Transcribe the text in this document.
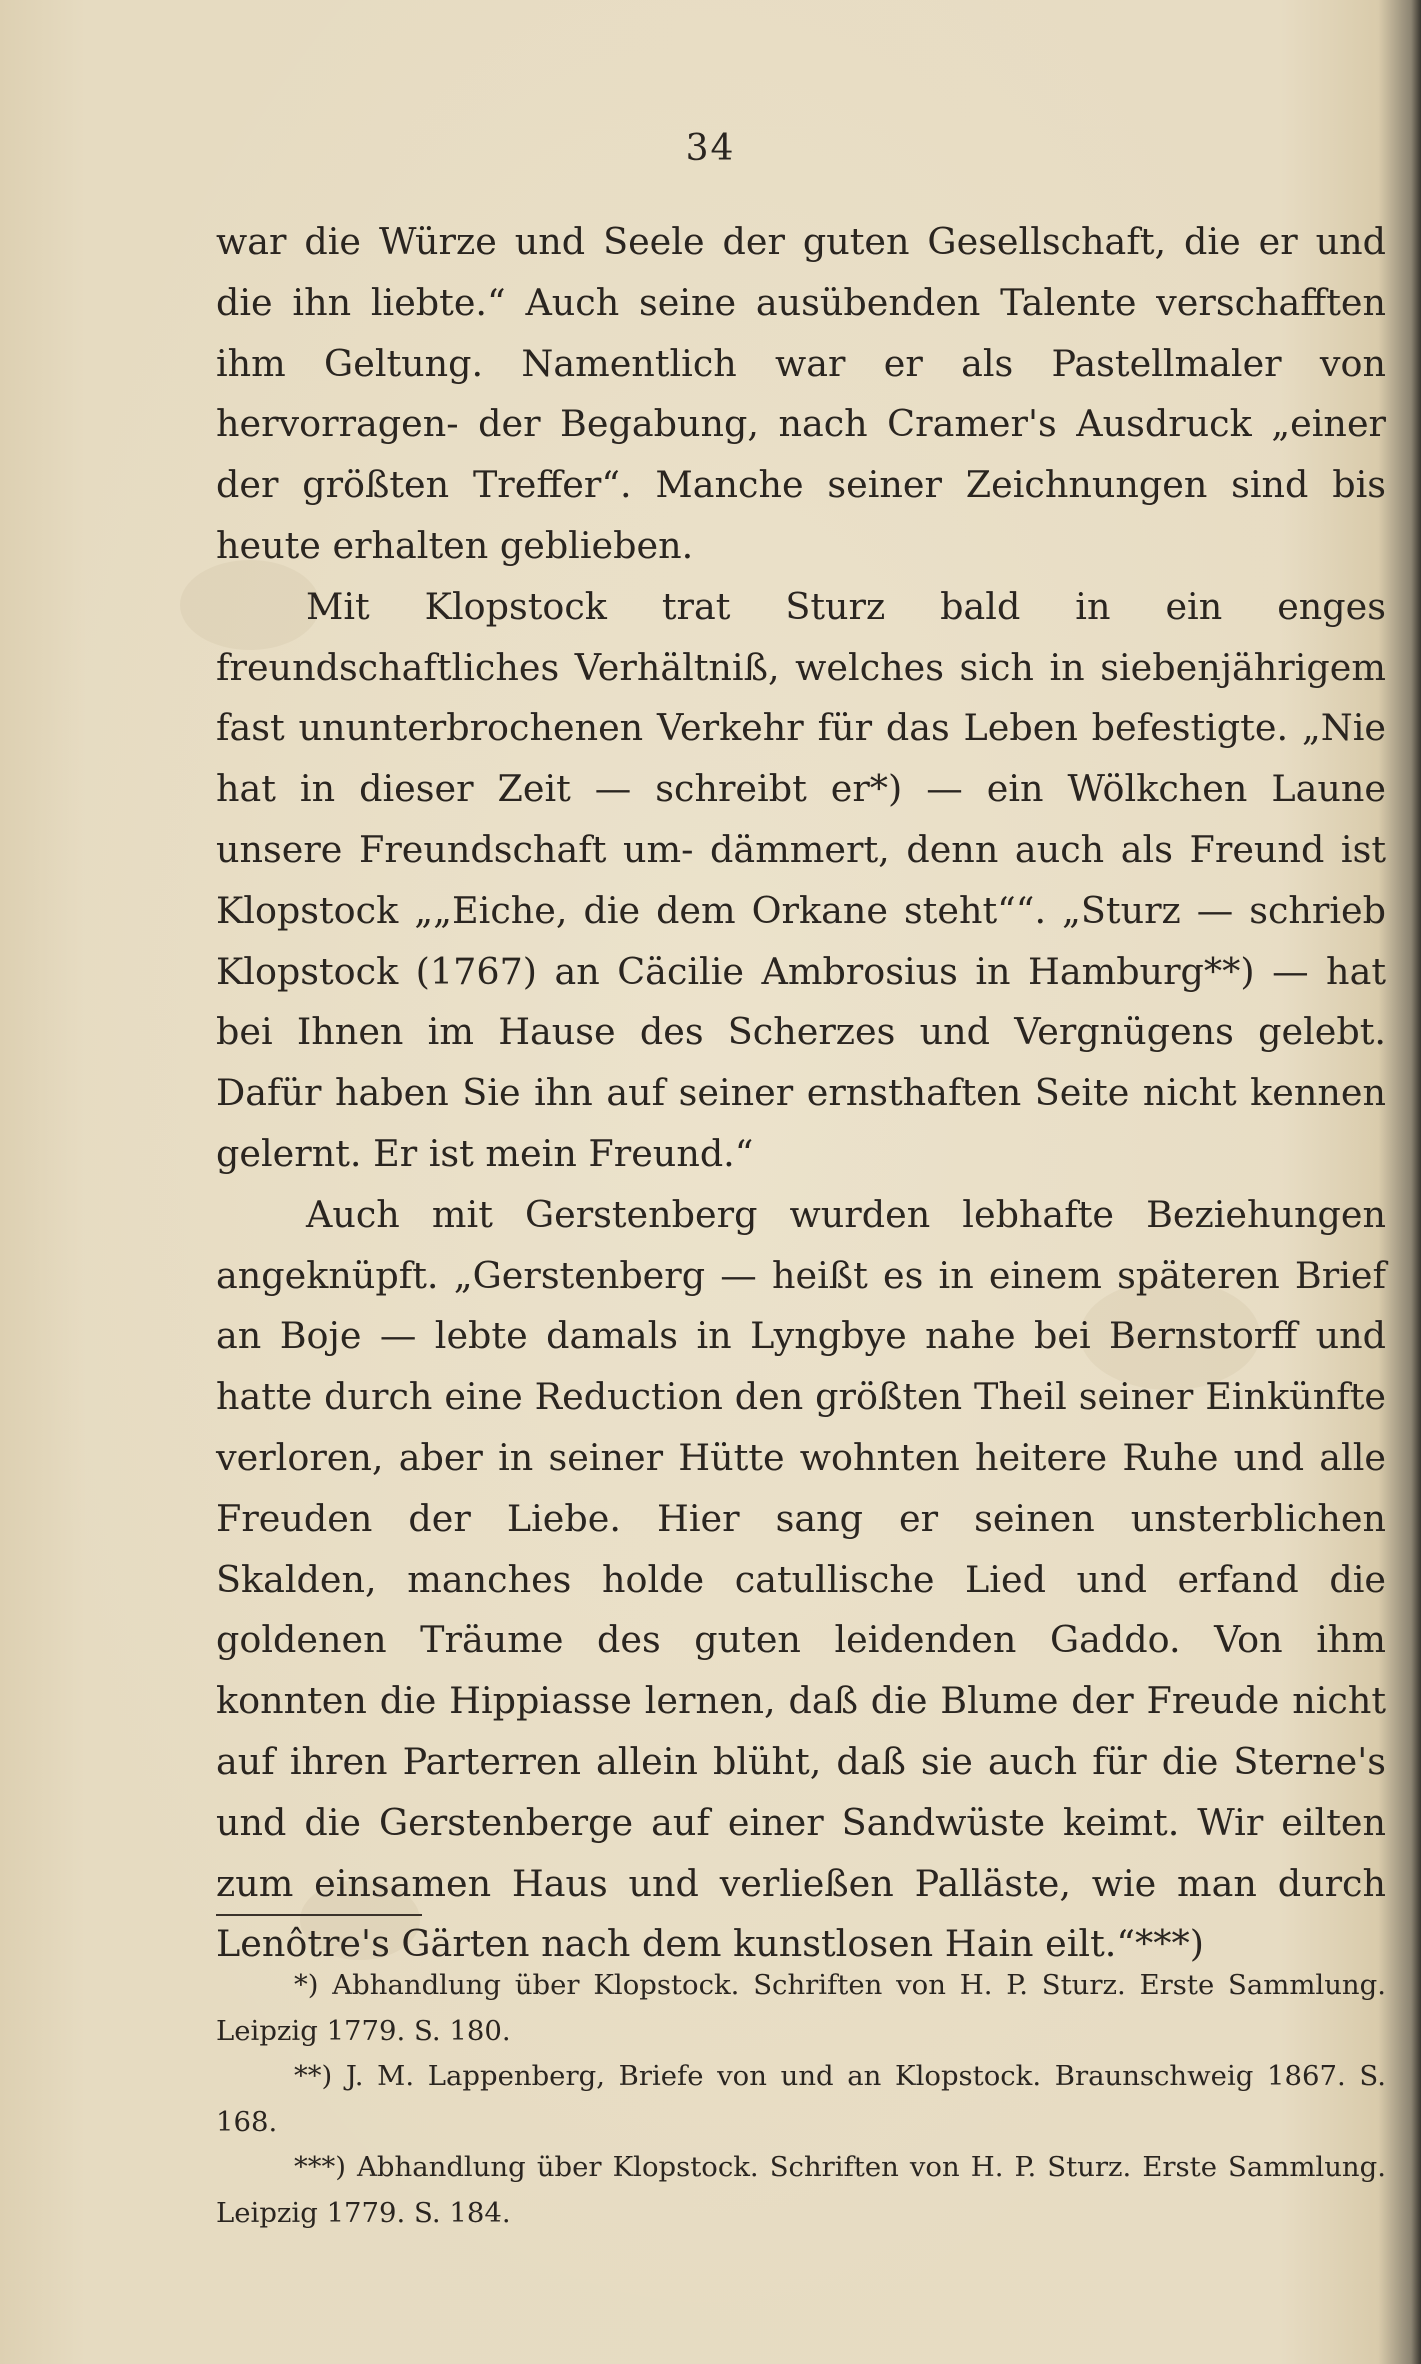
34

war die Würze und Seele der guten Gesellschaft, die er und die ihn liebte.“ Auch seine ausübenden Talente verschafften ihm Geltung. Namentlich war er als Pastellmaler von hervorragen- der Begabung, nach Cramer's Ausdruck „einer der größten Treffer“. Manche seiner Zeichnungen sind bis heute erhalten geblieben.

Mit Klopstock trat Sturz bald in ein enges freundschaftliches Verhältniß, welches sich in siebenjährigem fast ununterbrochenen Verkehr für das Leben befestigte. „Nie hat in dieser Zeit — schreibt er*) — ein Wölkchen Laune unsere Freundschaft um- dämmert, denn auch als Freund ist Klopstock „„Eiche, die dem Orkane steht““. „Sturz — schrieb Klopstock (1767) an Cäcilie Ambrosius in Hamburg**) — hat bei Ihnen im Hause des Scherzes und Vergnügens gelebt. Dafür haben Sie ihn auf seiner ernsthaften Seite nicht kennen gelernt. Er ist mein Freund.“

Auch mit Gerstenberg wurden lebhafte Beziehungen angeknüpft. „Gerstenberg — heißt es in einem späteren Brief an Boje — lebte damals in Lyngbye nahe bei Bernstorff und hatte durch eine Reduction den größten Theil seiner Einkünfte verloren, aber in seiner Hütte wohnten heitere Ruhe und alle Freuden der Liebe. Hier sang er seinen unsterblichen Skalden, manches holde catullische Lied und erfand die goldenen Träume des guten leidenden Gaddo. Von ihm konnten die Hippiasse lernen, daß die Blume der Freude nicht auf ihren Parterren allein blüht, daß sie auch für die Sterne's und die Gerstenberge auf einer Sandwüste keimt. Wir eilten zum einsamen Haus und verließen Palläste, wie man durch Lenôtre's Gärten nach dem kunstlosen Hain eilt.“***)

*) Abhandlung über Klopstock. Schriften von H. P. Sturz. Erste Sammlung. Leipzig 1779. S. 180.

**) J. M. Lappenberg, Briefe von und an Klopstock. Braunschweig 1867. S. 168.

***) Abhandlung über Klopstock. Schriften von H. P. Sturz. Erste Sammlung. Leipzig 1779. S. 184.
